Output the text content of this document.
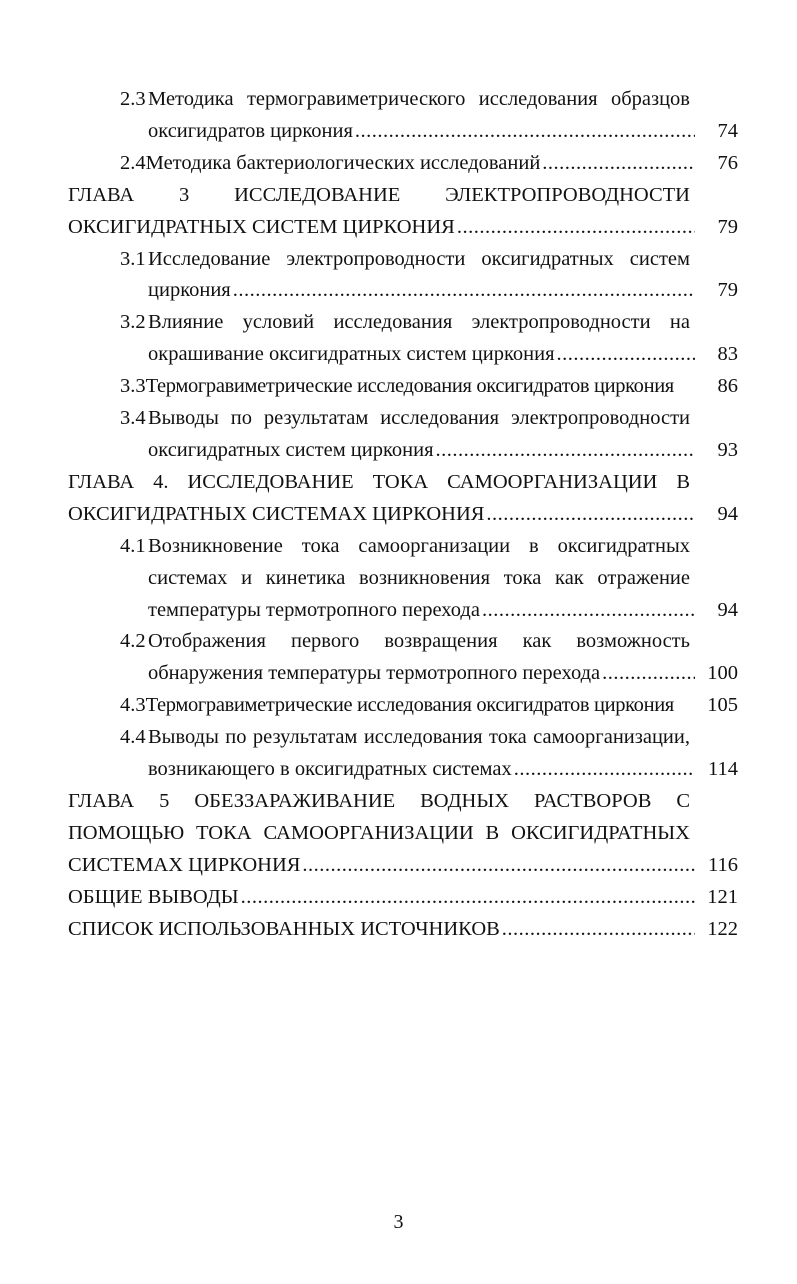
2.3 Методика термогравиметрического исследования образцов
оксигидратов циркония .....	74
2.4 Методика бактериологических исследований .....	76
ГЛАВА 3 ИССЛЕДОВАНИЕ ЭЛЕКТРОПРОВОДНОСТИ
ОКСИГИДРАТНЫХ СИСТЕМ ЦИРКОНИЯ .....	79
3.1 Исследование электропроводности оксигидратных систем
циркония .....	79
3.2 Влияние условий исследования электропроводности на
окрашивание оксигидратных систем циркония .....	83
3.3 Термогравиметрические исследования оксигидратов циркония	86
3.4 Выводы по результатам исследования электропроводности
оксигидратных систем циркония .....	93
ГЛАВА 4. ИССЛЕДОВАНИЕ ТОКА САМООРГАНИЗАЦИИ В
ОКСИГИДРАТНЫХ СИСТЕМАХ ЦИРКОНИЯ .....	94
4.1 Возникновение тока самоорганизации в оксигидратных
системах и кинетика возникновения тока как отражение
температуры термотропного перехода .....	94
4.2 Отображения первого возвращения как возможность
обнаружения температуры термотропного перехода .....	100
4.3 Термогравиметрические исследования оксигидратов циркония	105
4.4 Выводы по результатам исследования тока самоорганизации,
возникающего в оксигидратных системах .....	114
ГЛАВА 5 ОБЕЗЗАРАЖИВАНИЕ ВОДНЫХ РАСТВОРОВ С
ПОМОЩЬЮ ТОКА САМООРГАНИЗАЦИИ В ОКСИГИДРАТНЫХ
СИСТЕМАХ ЦИРКОНИЯ .....	116
ОБЩИЕ ВЫВОДЫ .....	121
СПИСОК ИСПОЛЬЗОВАННЫХ ИСТОЧНИКОВ .....	122
3
